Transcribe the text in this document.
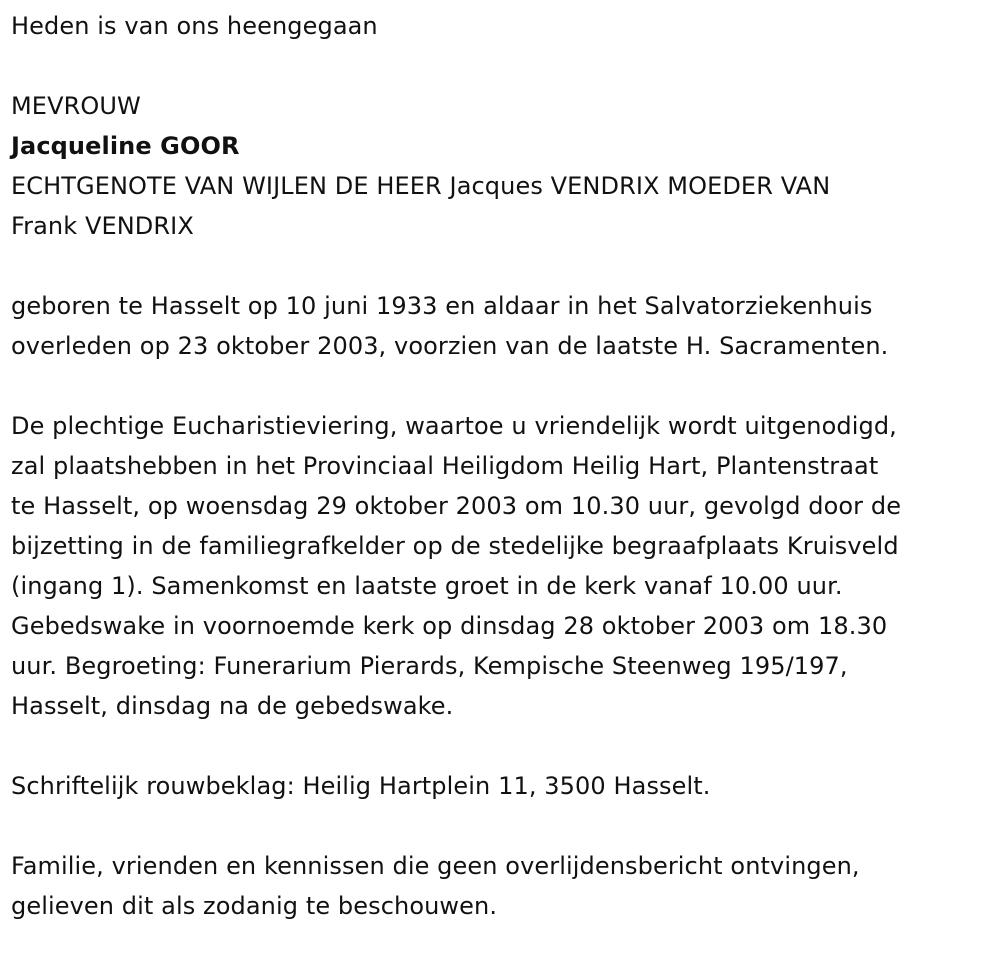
Heden is van ons heengegaan
MEVROUW
Jacqueline GOOR
ECHTGENOTE VAN WIJLEN DE HEER Jacques VENDRIX MOEDER VAN
Frank VENDRIX
geboren te Hasselt op 10 juni 1933 en aldaar in het Salvatorziekenhuis
overleden op 23 oktober 2003, voorzien van de laatste H. Sacramenten.
De plechtige Eucharistieviering, waartoe u vriendelijk wordt uitgenodigd,
zal plaatshebben in het Provinciaal Heiligdom Heilig Hart, Plantenstraat
te Hasselt, op woensdag 29 oktober 2003 om 10.30 uur, gevolgd door de
bijzetting in de familiegrafkelder op de stedelijke begraafplaats Kruisveld
(ingang 1). Samenkomst en laatste groet in de kerk vanaf 10.00 uur.
Gebedswake in voornoemde kerk op dinsdag 28 oktober 2003 om 18.30
uur. Begroeting: Funerarium Pierards, Kempische Steenweg 195/197,
Hasselt, dinsdag na de gebedswake.
Schriftelijk rouwbeklag: Heilig Hartplein 11, 3500 Hasselt.
Familie, vrienden en kennissen die geen overlijdensbericht ontvingen,
gelieven dit als zodanig te beschouwen.
